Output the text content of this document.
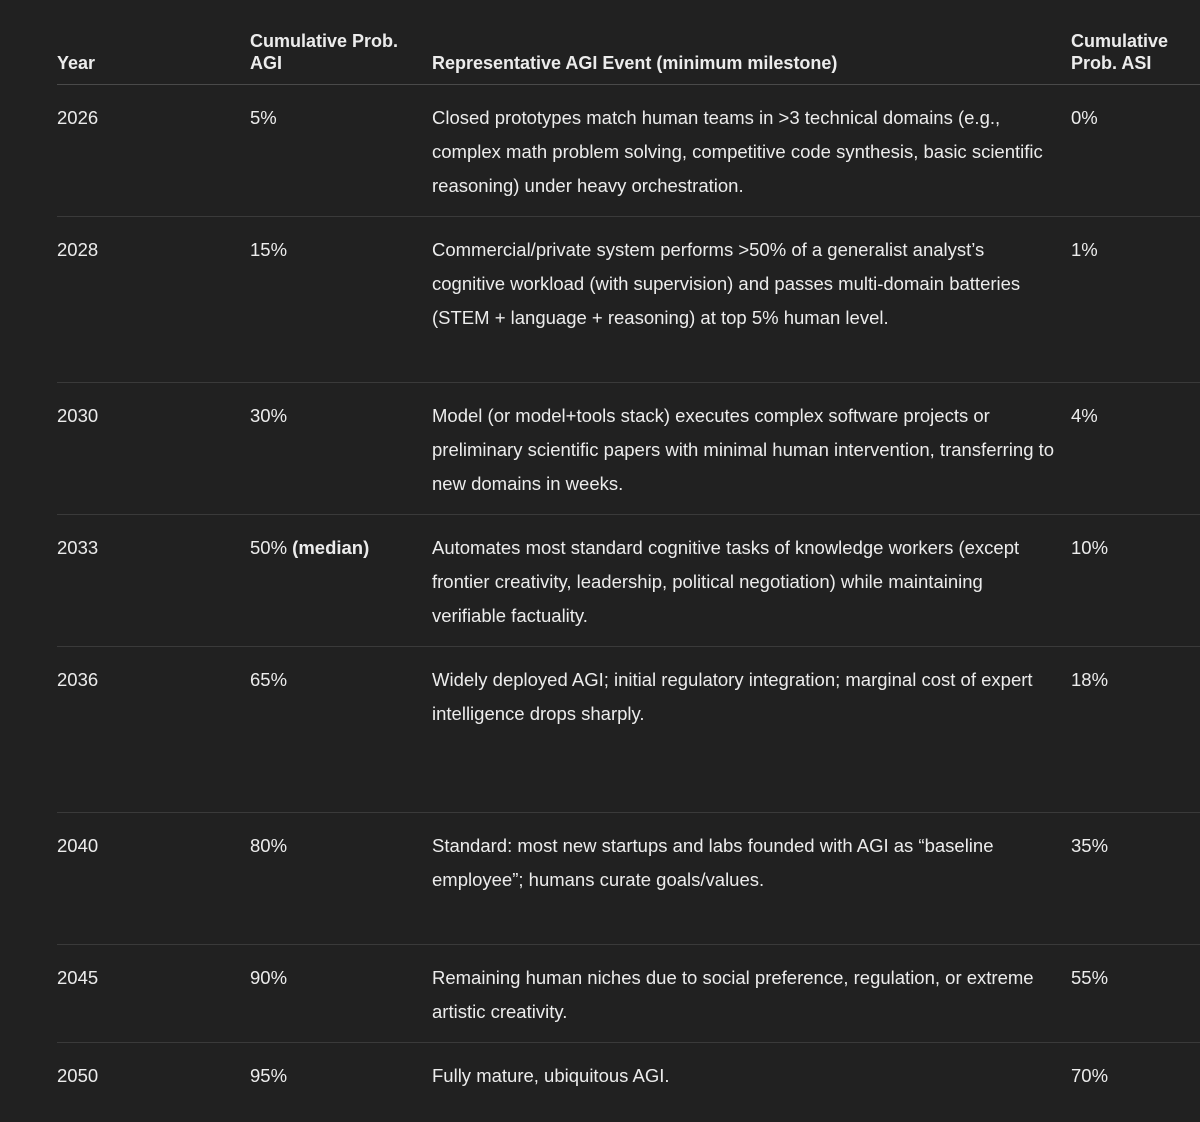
Year	Cumulative Prob. AGI	Representative AGI Event (minimum milestone)	Cumulative Prob. ASI
2026	5%	Closed prototypes match human teams in >3 technical domains (e.g., complex math problem solving, competitive code synthesis, basic scientific reasoning) under heavy orchestration.	0%
2028	15%	Commercial/private system performs >50% of a generalist analyst’s cognitive workload (with supervision) and passes multi-domain batteries (STEM + language + reasoning) at top 5% human level.	1%
2030	30%	Model (or model+tools stack) executes complex software projects or preliminary scientific papers with minimal human intervention, transferring to new domains in weeks.	4%
2033	50% (median)	Automates most standard cognitive tasks of knowledge workers (except frontier creativity, leadership, political negotiation) while maintaining verifiable factuality.	10%
2036	65%	Widely deployed AGI; initial regulatory integration; marginal cost of expert intelligence drops sharply.	18%
2040	80%	Standard: most new startups and labs founded with AGI as “baseline employee”; humans curate goals/values.	35%
2045	90%	Remaining human niches due to social preference, regulation, or extreme artistic creativity.	55%
2050	95%	Fully mature, ubiquitous AGI.	70%
